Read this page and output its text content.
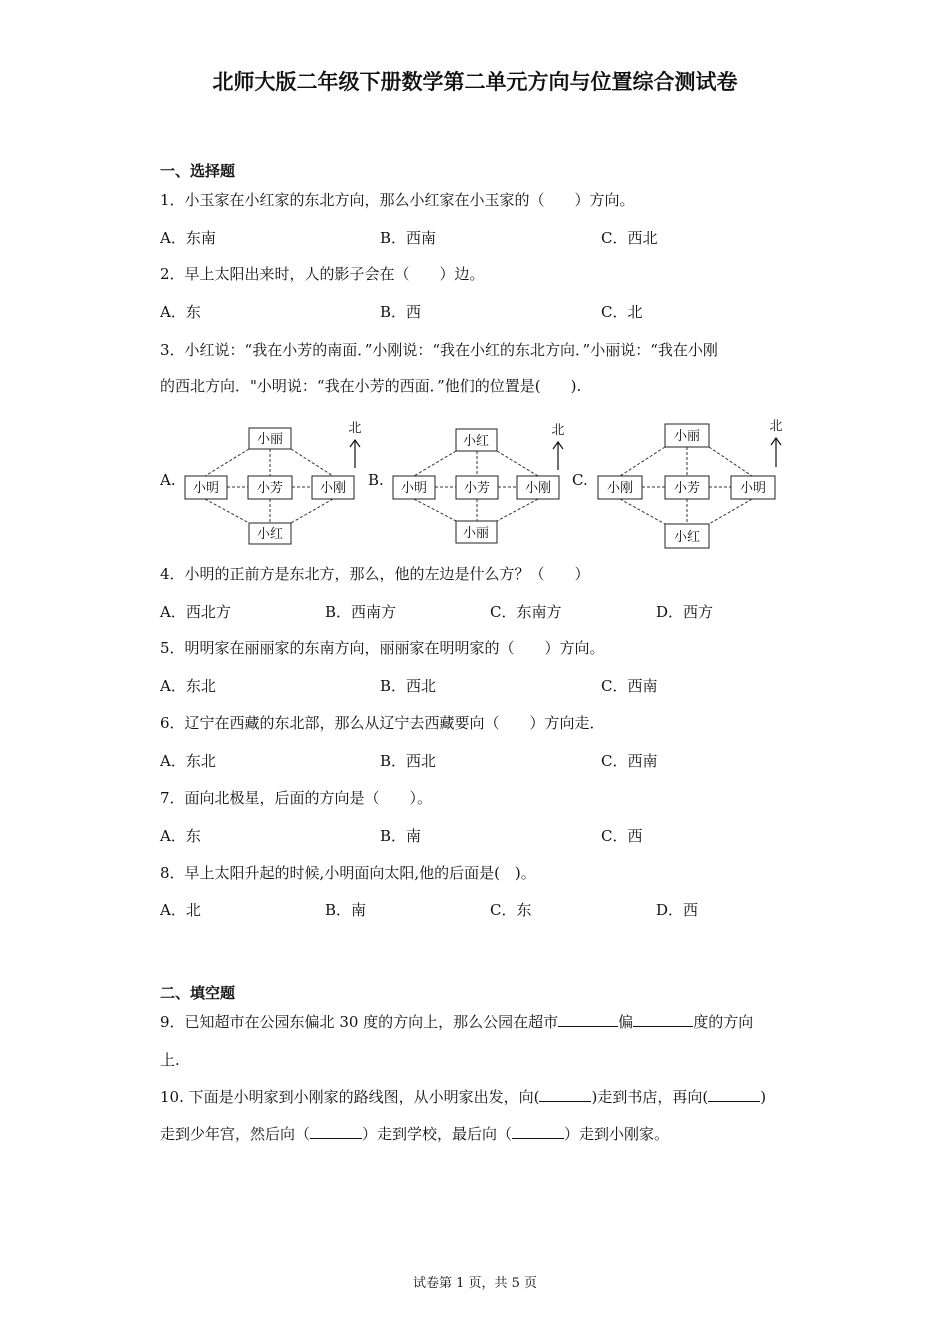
北师大版二年级下册数学第二单元方向与位置综合测试卷
一、选择题
1．小玉家在小红家的东北方向，那么小红家在小玉家的（　　）方向。
A．东南	B．西南	C．西北
2．早上太阳出来时，人的影子会在（　　）边。
A．东	B．西	C．北
3．小红说：“我在小芳的南面．”小刚说：“我在小红的东北方向．”小丽说：“我在小刚
的西北方向．"小明说：“我在小芳的西面．”他们的位置是(　　).
A.	B.	C.
小丽
小明	小芳	小刚
小红
北
小红
小明	小芳	小刚
小丽
北	小丽
小刚	小芳	小明
小红
北
4．小明的正前方是东北方，那么，他的左边是什么方？（　　）
A．西北方	B．西南方	C．东南方	D．西方
5．明明家在丽丽家的东南方向，丽丽家在明明家的（　　）方向。
A．东北	B．西北	C．西南
6．辽宁在西藏的东北部，那么从辽宁去西藏要向（　　）方向走．
A．东北	B．西北	C．西南
7．面向北极星，后面的方向是（　　）。
A．东	B．南	C．西
8．早上太阳升起的时候,小明面向太阳,他的后面是(　)。
A．北	B．南	C．东	D．西
二、填空题
9．已知超市在公园东偏北 30 度的方向上，那么公园在超市	偏	度的方向
上.
10. 下面是小明家到小刚家的路线图，从小明家出发，向(	)走到书店，再向(	)
走到少年宫，然后向（	）走到学校，最后向（	）走到小刚家。
试卷第 1 页，共 5 页
